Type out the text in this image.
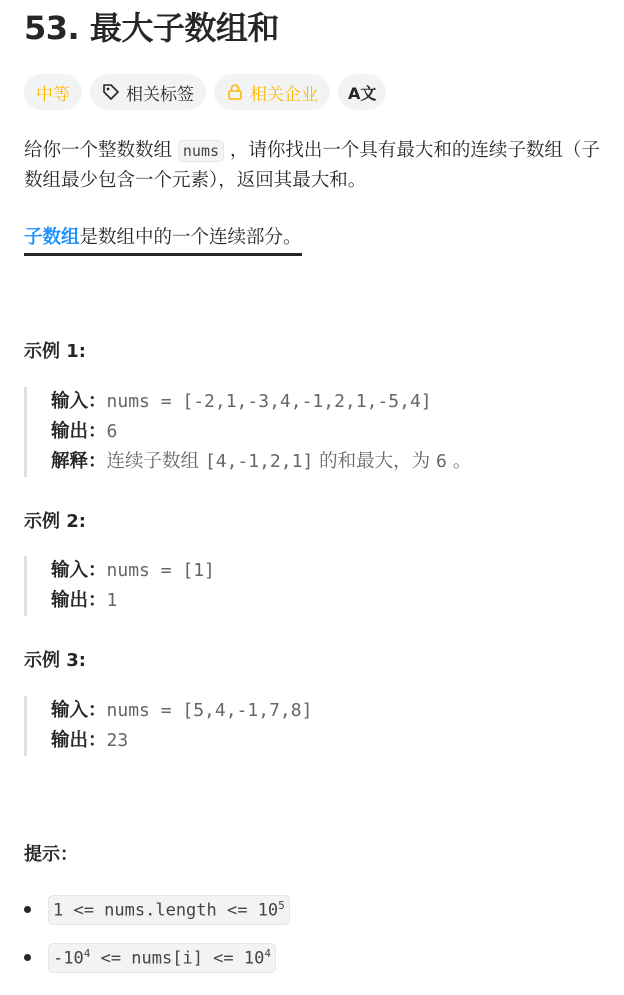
53. 最大子数组和
中等	相关标签	相关企业 A文
给你一个整数数组 nums ，请你找出一个具有最大和的连续子数组（子数组最少包含一个元素），返回其最大和。
子数组是数组中的一个连续部分。
示例 1:
输入：nums = [-2,1,-3,4,-1,2,1,-5,4]
输出：6
解释：连续子数组 [4,-1,2,1] 的和最大，为 6 。
示例 2:
输入：nums = [1]
输出：1
示例 3:
输入：nums = [5,4,-1,7,8]
输出：23
提示：
1 <= nums.length <= $10^5$
$-10^4$ <= nums[i] <= $10^4$
